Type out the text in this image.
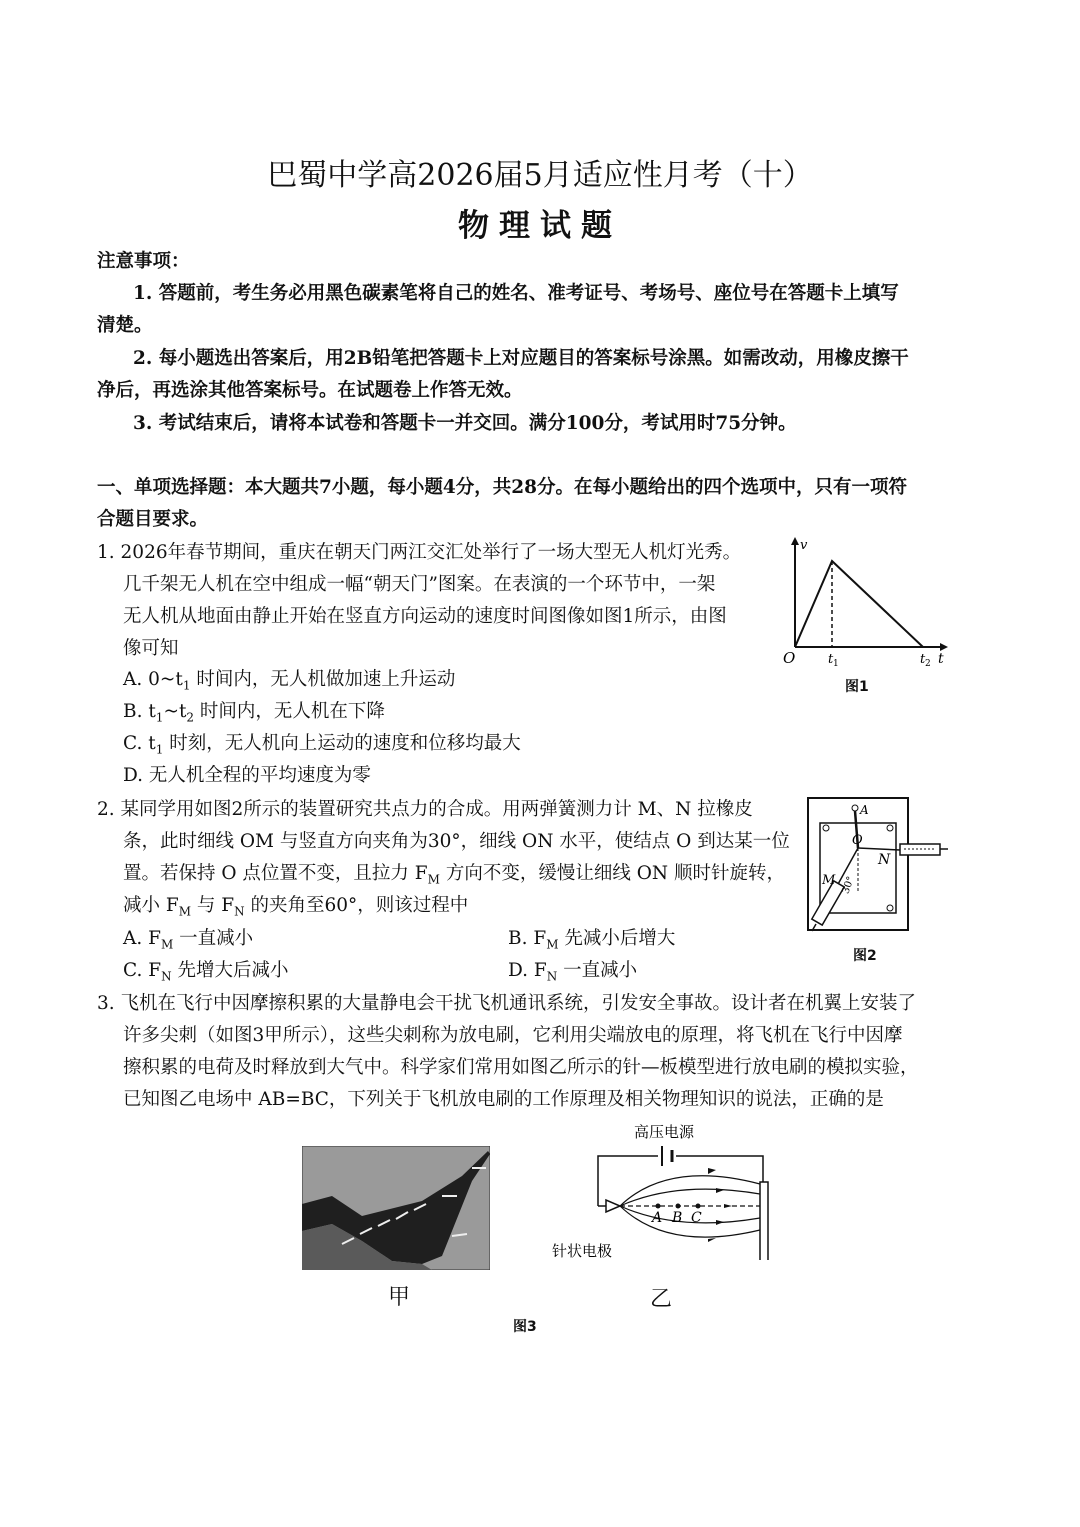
巴蜀中学高2026届5月适应性月考（十）
物理试题
注意事项：
1. 答题前，考生务必用黑色碳素笔将自己的姓名、准考证号、考场号、座位号在答题卡上填写
清楚。
2. 每小题选出答案后，用2B铅笔把答题卡上对应题目的答案标号涂黑。如需改动，用橡皮擦干
净后，再选涂其他答案标号。在试题卷上作答无效。
3. 考试结束后，请将本试卷和答题卡一并交回。满分100分，考试用时75分钟。
一、单项选择题：本大题共7小题，每小题4分，共28分。在每小题给出的四个选项中，只有一项符
合题目要求。
1. 2026年春节期间，重庆在朝天门两江交汇处举行了一场大型无人机灯光秀。
几千架无人机在空中组成一幅“朝天门”图案。在表演的一个环节中，一架
无人机从地面由静止开始在竖直方向运动的速度时间图像如图1所示，由图
像可知
A. $0\sim t_1$ 时间内，无人机做加速上升运动
B. $t_1\sim t_2$ 时间内，无人机在下降
C. $t_1$ 时刻，无人机向上运动的速度和位移均最大
D. 无人机全程的平均速度为零
v
t
O	t 1	t 2
图1
2. 某同学用如图2所示的装置研究共点力的合成。用两弹簧测力计 M、N 拉橡皮
条，此时细线 OM 与竖直方向夹角为30°，细线 ON 水平，使结点 O 到达某一位
置。若保持 O 点位置不变，且拉力 $F_M$ 方向不变，缓慢让细线 ON 顺时针旋转，
减小 $F_M$ 与 $F_N$ 的夹角至60°，则该过程中
A. $F_M$ 一直减小	B. $F_M$ 先减小后增大
C. $F_N$ 先增大后减小	D. $F_N$ 一直减小
O
A
N
M 30°
图2
3. 飞机在飞行中因摩擦积累的大量静电会干扰飞机通讯系统，引发安全事故。设计者在机翼上安装了
许多尖刺（如图3甲所示），这些尖刺称为放电刷，它利用尖端放电的原理，将飞机在飞行中因摩
擦积累的电荷及时释放到大气中。科学家们常用如图乙所示的针—板模型进行放电刷的模拟实验，
已知图乙电场中 AB=BC，下列关于飞机放电刷的工作原理及相关物理知识的说法，正确的是
高压电源
A B C
针状电极
甲	乙
图3
